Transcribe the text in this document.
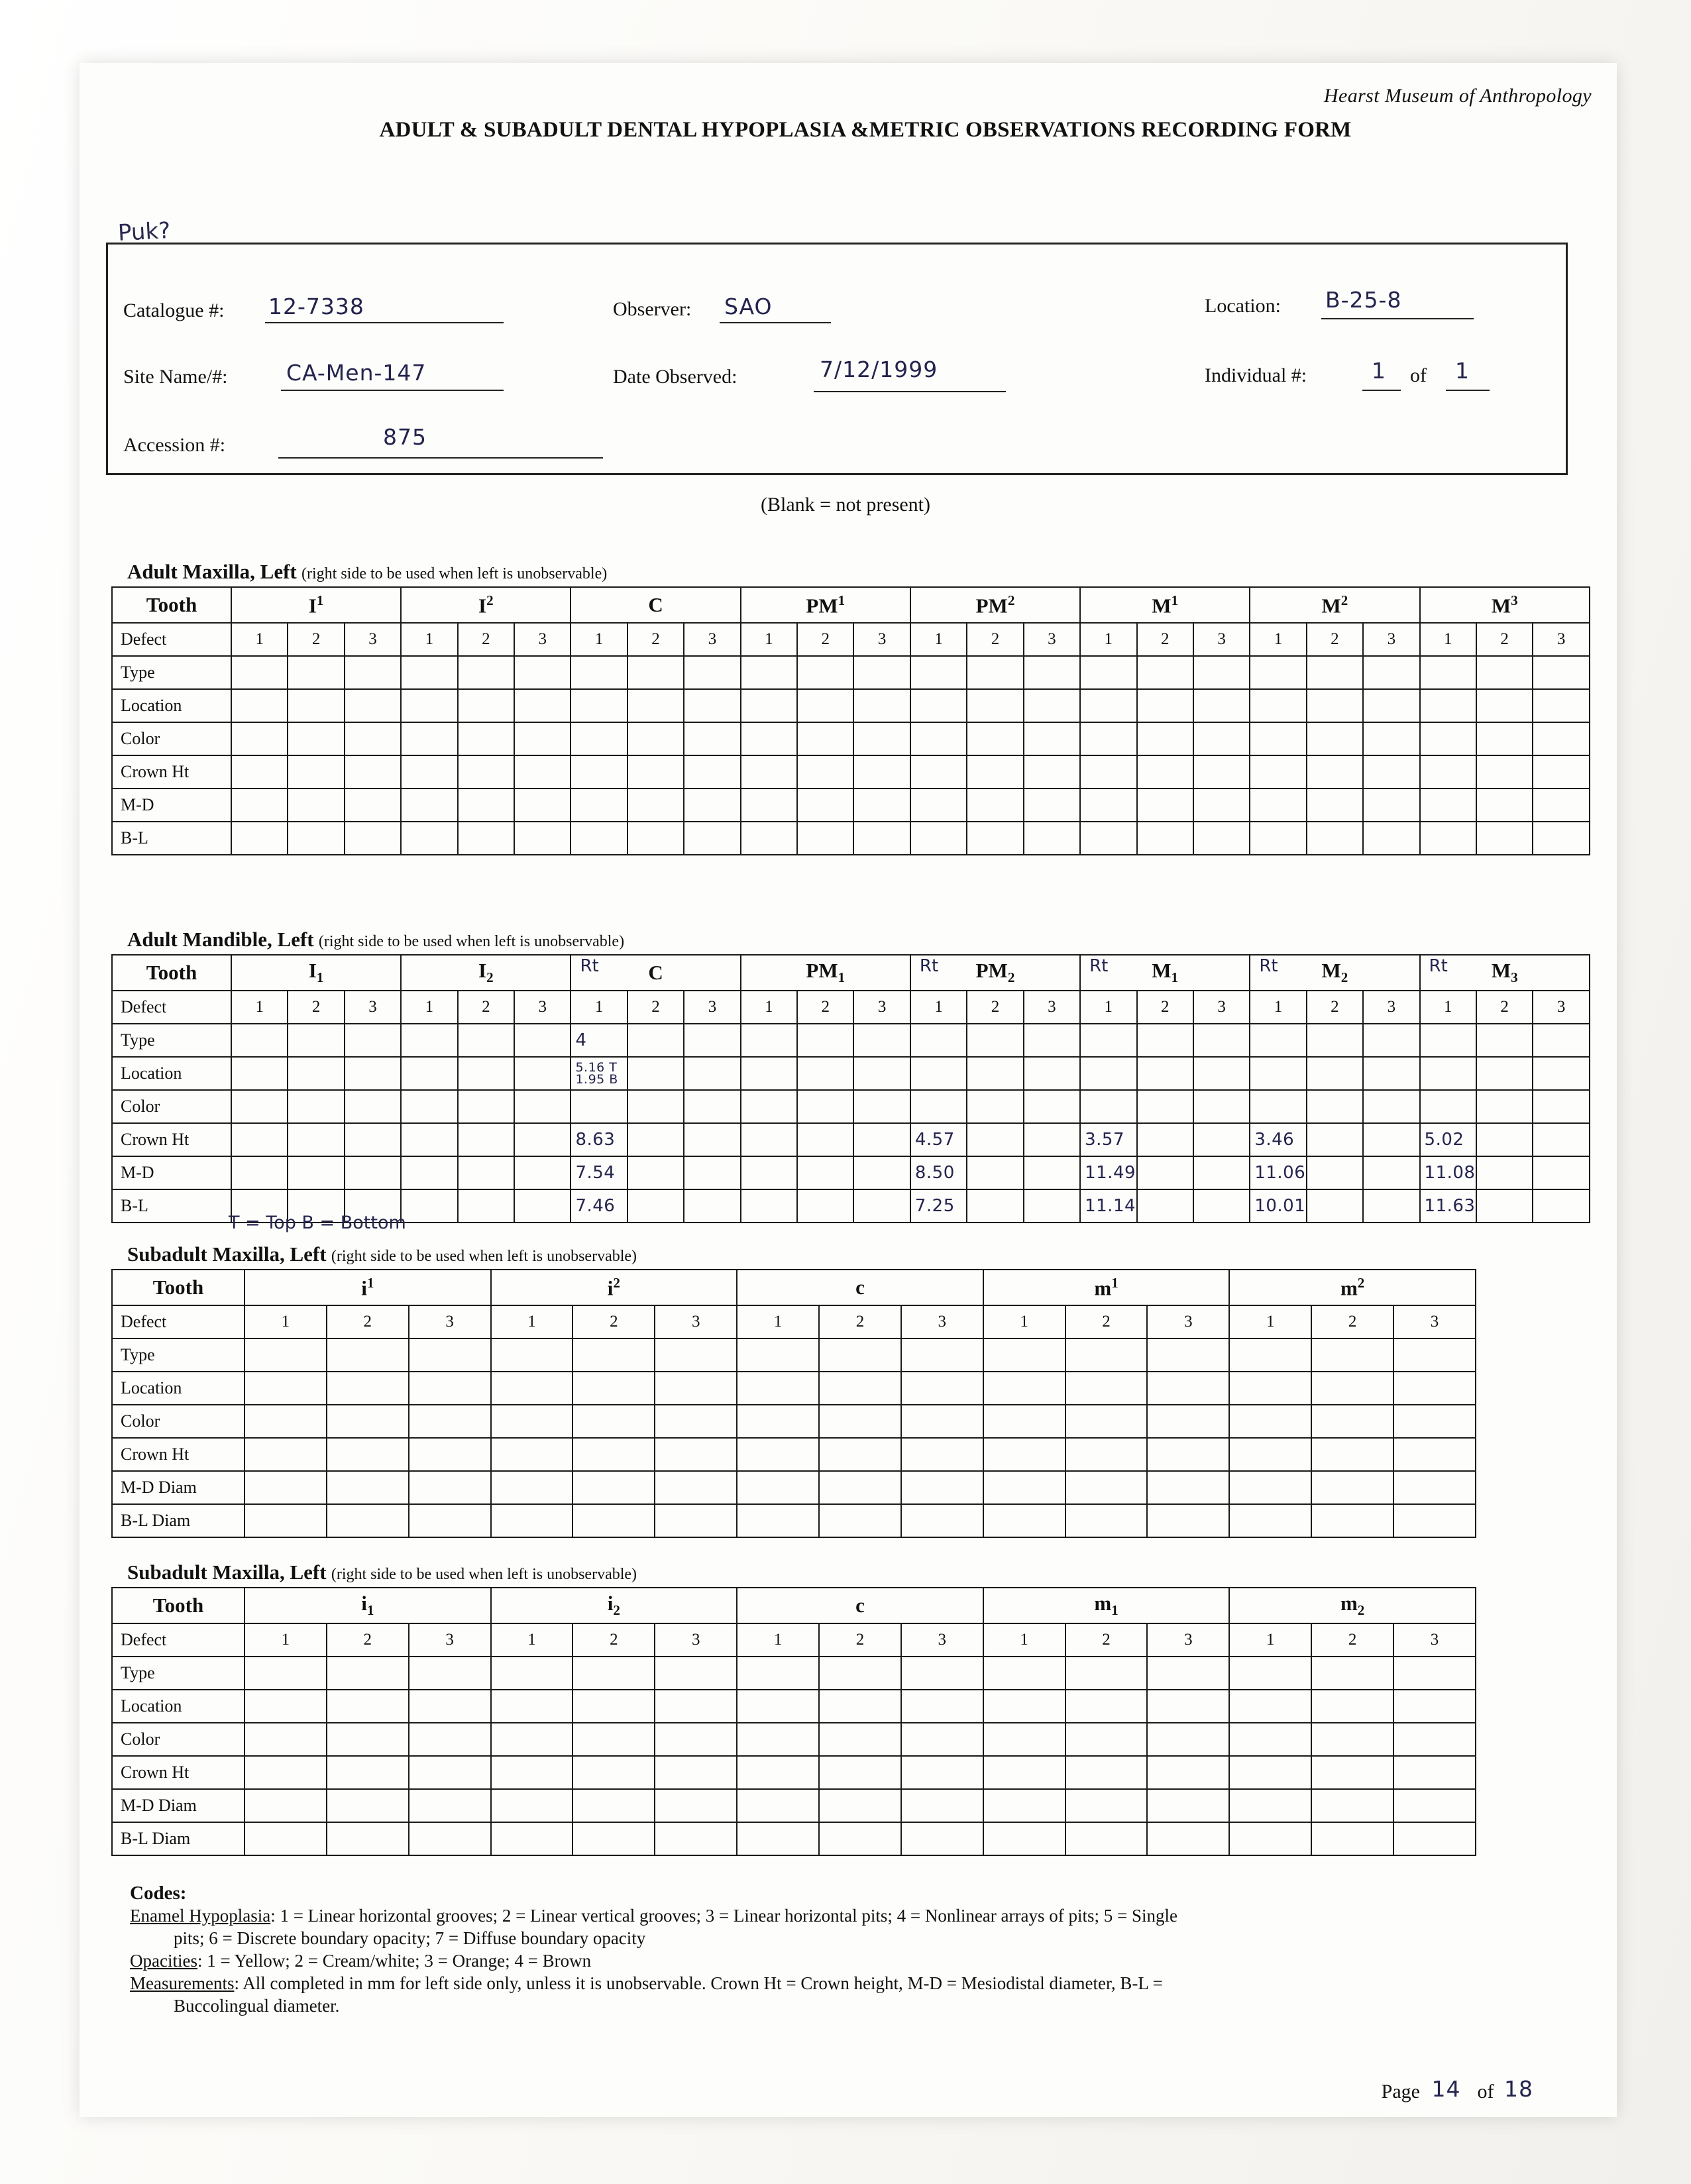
Hearst Museum of Anthropology
ADULT & SUBADULT DENTAL HYPOPLASIA &METRIC OBSERVATIONS RECORDING FORM
Puk?
Catalogue #: 12-7338
Site Name/#:	CA-Men-147
Accession #:	875
Observer: SAO
Date Observed:	7/12/1999
Location: B-25-8
Individual #:	1 of 1
(Blank = not present)
Adult Maxilla, Left (right side to be used when left is unobservable)
Tooth	$I^1$			$I^2$			C			$PM^1$			$PM^2$			$M^1$			$M^2$			$M^3$
Defect	1	2	3	1	2	3	1	2	3	1	2	3	1	2	3	1	2	3	1	2	3	1	2	3
Type																								
Location																								
Color																								
Crown Ht																								
M-D																								
B-L																								
Adult Mandible, Left (right side to be used when left is unobservable)
Tooth	$I_1$			$I_2$			C			$PM_1$			$PM_2$			$M_1$			$M_2$			$M_3$
Defect	1	2	3	1	2	3	1	2	3	1	2	3	1	2	3	1	2	3	1	2	3	1	2	3
Type							4																	

Location							5.16 T
1.95 B																	

Color																								
Crown Ht							8.63						4.57			3.57			3.46			5.02		

M-D							7.54						8.50			11.49			11.06			11.08		

B-L							7.46						7.25			11.14			10.01			11.63		

T = Top B = Bottom
Subadult Maxilla, Left (right side to be used when left is unobservable)
Tooth	$i^1$			$i^2$			c			$m^1$			$m^2$
Defect	1	2	3	1	2	3	1	2	3	1	2	3	1	2	3
Type															
Location															
Color															
Crown Ht															
M-D Diam															
B-L Diam															
Subadult Maxilla, Left (right side to be used when left is unobservable)
Tooth	$i_1$			$i_2$			c			$m_1$			$m_2$
Defect	1	2	3	1	2	3	1	2	3	1	2	3	1	2	3
Type															
Location															
Color															
Crown Ht															
M-D Diam															
B-L Diam															
Codes:
Enamel Hypoplasia: 1 = Linear horizontal grooves; 2 = Linear vertical grooves; 3 = Linear horizontal pits; 4 = Nonlinear arrays of pits; 5 = Single
pits; 6 = Discrete boundary opacity; 7 = Diffuse boundary opacity
Opacities: 1 = Yellow; 2 = Cream/white; 3 = Orange; 4 = Brown
Measurements: All completed in mm for left side only, unless it is unobservable. Crown Ht = Crown height, M-D = Mesiodistal diameter, B-L =
Buccolingual diameter.
Page 14 of 18
Rt	Rt	Rt	Rt	Rt
